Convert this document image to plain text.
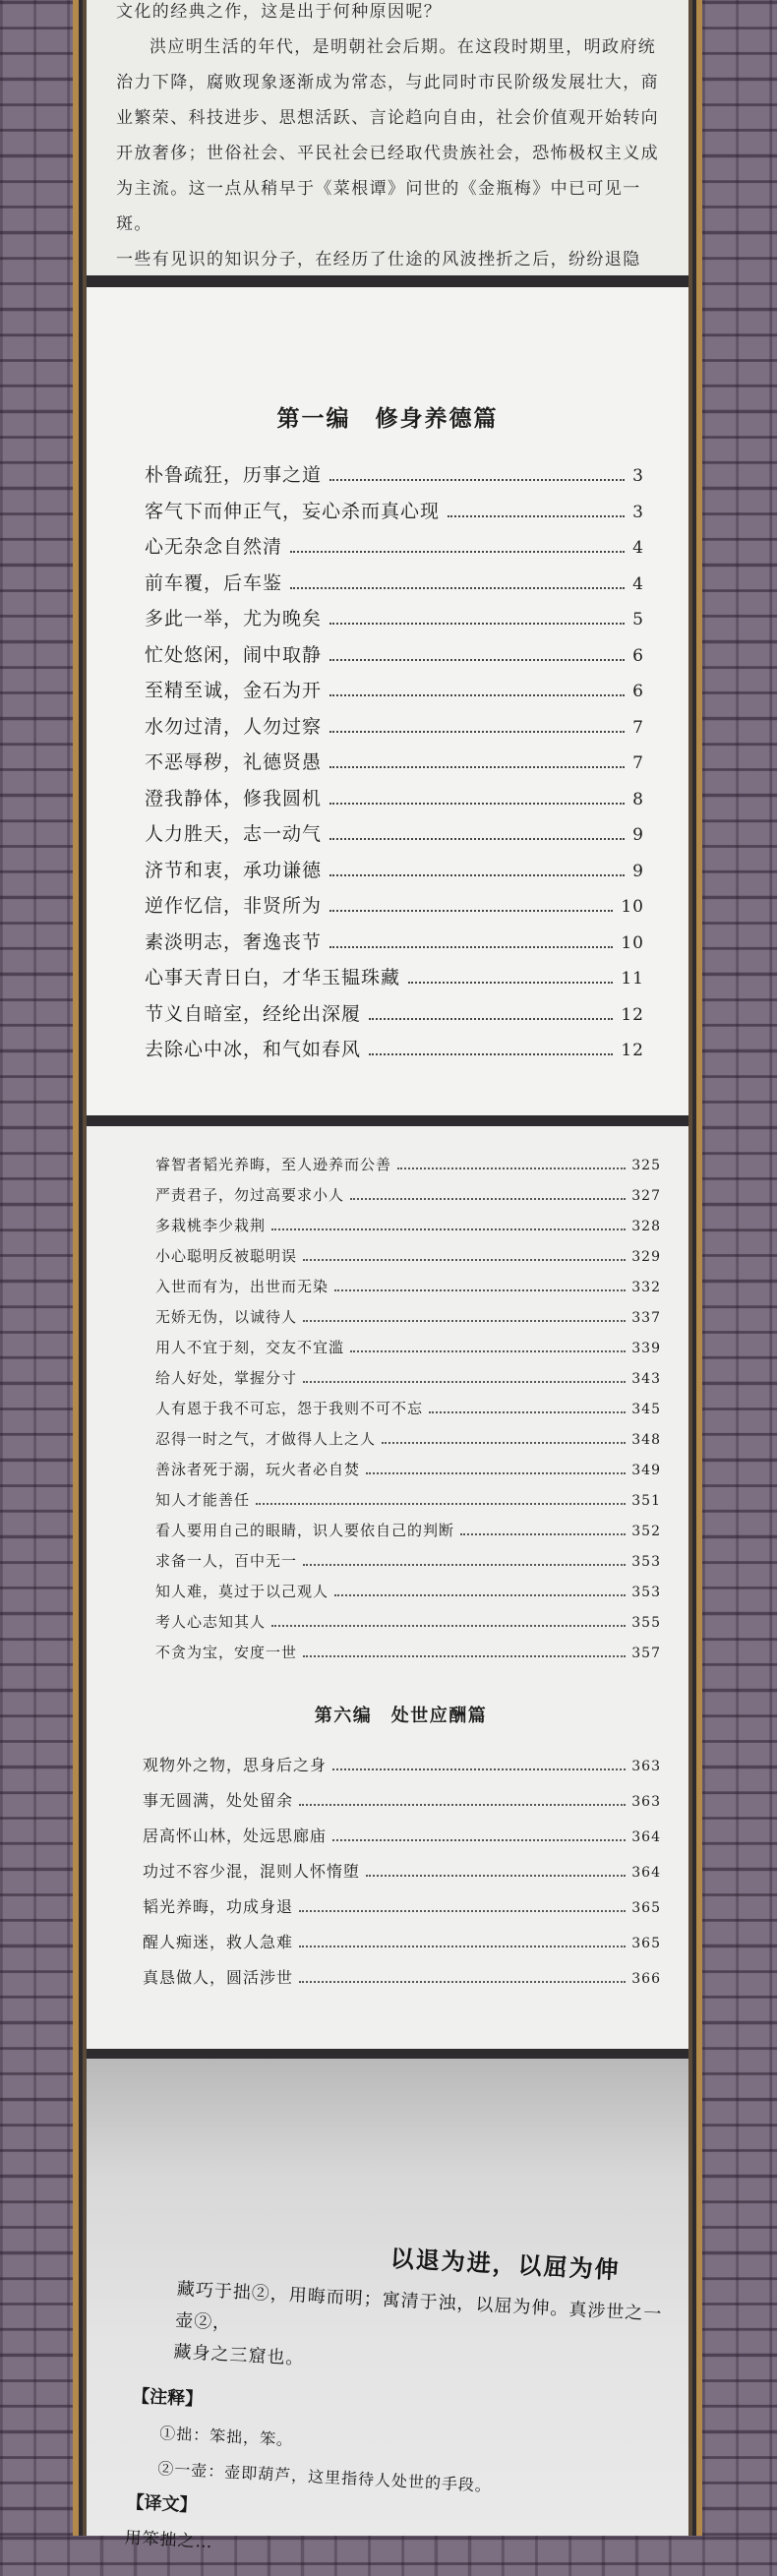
文化的经典之作，这是出于何种原因呢？

洪应明生活的年代，是明朝社会后期。在这段时期里，明政府统

治力下降，腐败现象逐渐成为常态，与此同时市民阶级发展壮大，商

业繁荣、科技进步、思想活跃、言论趋向自由，社会价值观开始转向

开放奢侈；世俗社会、平民社会已经取代贵族社会，恐怖极权主义成

为主流。这一点从稍早于《菜根谭》问世的《金瓶梅》中已可见一斑。

一些有见识的知识分子，在经历了仕途的风波挫折之后，纷纷退隐

第一编　修身养德篇
朴鲁疏狂，历事之道	3
客气下而伸正气，妄心杀而真心现	3
心无杂念自然清	4
前车覆，后车鉴	4
多此一举，尤为晚矣	5
忙处悠闲，闹中取静	6
至精至诚，金石为开	6
水勿过清，人勿过察	7
不恶辱秽，礼德贤愚	7
澄我静体，修我圆机	8
人力胜天，志一动气	9
济节和衷，承功谦德	9
逆作忆信，非贤所为	10
素淡明志，奢逸丧节	10
心事天青日白，才华玉韫珠藏	11
节义自暗室，经纶出深履	12
去除心中冰，和气如春风	12
睿智者韬光养晦，至人逊养而公善	325
严责君子，勿过高要求小人	327
多栽桃李少栽荆	328
小心聪明反被聪明误	329
入世而有为，出世而无染	332
无娇无伪，以诚待人	337
用人不宜于刻，交友不宜滥	339
给人好处，掌握分寸	343
人有恩于我不可忘，怨于我则不可不忘	345
忍得一时之气，才做得人上之人	348
善泳者死于溺，玩火者必自焚	349
知人才能善任	351
看人要用自己的眼睛，识人要依自己的判断	352
求备一人，百中无一	353
知人难，莫过于以己观人	353
考人心志知其人	355
不贪为宝，安度一世	357
第六编　处世应酬篇
观物外之物，思身后之身	363
事无圆满，处处留余	363
居高怀山林，处远思廊庙	364
功过不容少混，混则人怀惰堕	364
韬光养晦，功成身退	365
醒人痴迷，救人急难	365
真恳做人，圆活涉世	366
以退为进，以屈为伸

藏巧于拙②，用晦而明；寓清于浊，以屈为伸。真涉世之一壶②，
藏身之三窟也。

【注释】

①拙：笨拙，笨。

②一壶：壶即葫芦，这里指待人处世的手段。

【译文】

用笨拙之…
